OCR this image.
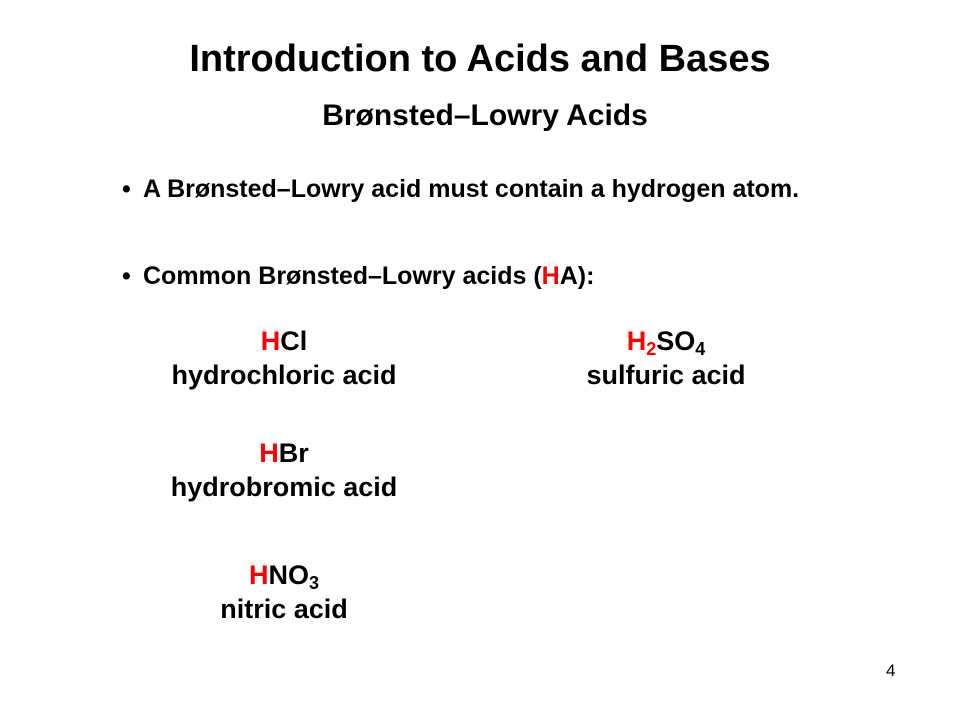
Introduction to Acids and Bases
Brønsted–Lowry Acids
• A Brønsted–Lowry acid must contain a hydrogen atom.
• Common Brønsted–Lowry acids (HA):
HCl
hydrochloric acid
$H_2SO_4$
sulfuric acid
HBr
hydrobromic acid
$HNO_3$
nitric acid
4
